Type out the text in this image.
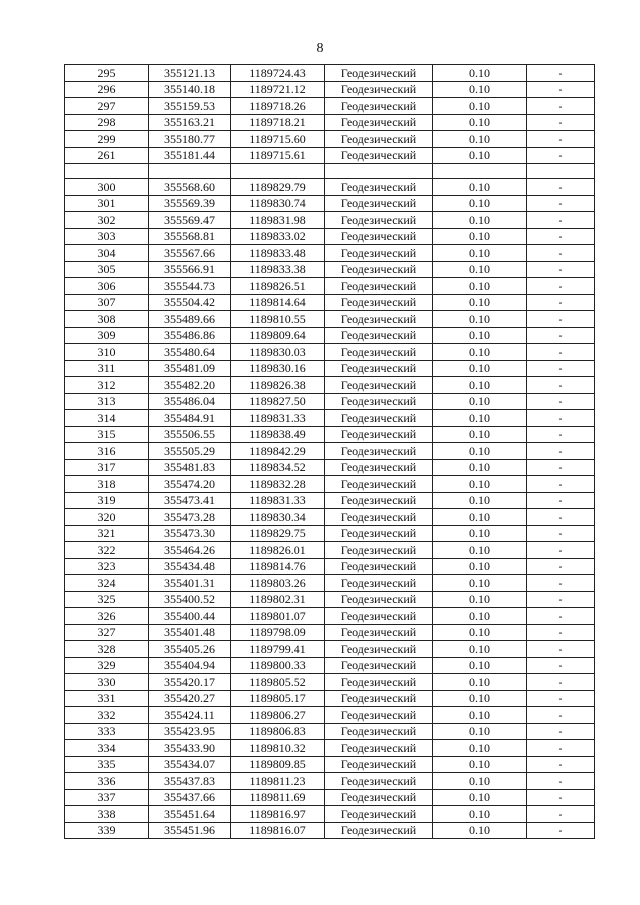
8
295	355121.13	1189724.43	Геодезический	0.10	-
296	355140.18	1189721.12	Геодезический	0.10	-
297	355159.53	1189718.26	Геодезический	0.10	-
298	355163.21	1189718.21	Геодезический	0.10	-
299	355180.77	1189715.60	Геодезический	0.10	-
261	355181.44	1189715.61	Геодезический	0.10	-

300	355568.60	1189829.79	Геодезический	0.10	-
301	355569.39	1189830.74	Геодезический	0.10	-
302	355569.47	1189831.98	Геодезический	0.10	-
303	355568.81	1189833.02	Геодезический	0.10	-
304	355567.66	1189833.48	Геодезический	0.10	-
305	355566.91	1189833.38	Геодезический	0.10	-
306	355544.73	1189826.51	Геодезический	0.10	-
307	355504.42	1189814.64	Геодезический	0.10	-
308	355489.66	1189810.55	Геодезический	0.10	-
309	355486.86	1189809.64	Геодезический	0.10	-
310	355480.64	1189830.03	Геодезический	0.10	-
311	355481.09	1189830.16	Геодезический	0.10	-
312	355482.20	1189826.38	Геодезический	0.10	-
313	355486.04	1189827.50	Геодезический	0.10	-
314	355484.91	1189831.33	Геодезический	0.10	-
315	355506.55	1189838.49	Геодезический	0.10	-
316	355505.29	1189842.29	Геодезический	0.10	-
317	355481.83	1189834.52	Геодезический	0.10	-
318	355474.20	1189832.28	Геодезический	0.10	-
319	355473.41	1189831.33	Геодезический	0.10	-
320	355473.28	1189830.34	Геодезический	0.10	-
321	355473.30	1189829.75	Геодезический	0.10	-
322	355464.26	1189826.01	Геодезический	0.10	-
323	355434.48	1189814.76	Геодезический	0.10	-
324	355401.31	1189803.26	Геодезический	0.10	-
325	355400.52	1189802.31	Геодезический	0.10	-
326	355400.44	1189801.07	Геодезический	0.10	-
327	355401.48	1189798.09	Геодезический	0.10	-
328	355405.26	1189799.41	Геодезический	0.10	-
329	355404.94	1189800.33	Геодезический	0.10	-
330	355420.17	1189805.52	Геодезический	0.10	-
331	355420.27	1189805.17	Геодезический	0.10	-
332	355424.11	1189806.27	Геодезический	0.10	-
333	355423.95	1189806.83	Геодезический	0.10	-
334	355433.90	1189810.32	Геодезический	0.10	-
335	355434.07	1189809.85	Геодезический	0.10	-
336	355437.83	1189811.23	Геодезический	0.10	-
337	355437.66	1189811.69	Геодезический	0.10	-
338	355451.64	1189816.97	Геодезический	0.10	-
339	355451.96	1189816.07	Геодезический	0.10	-
